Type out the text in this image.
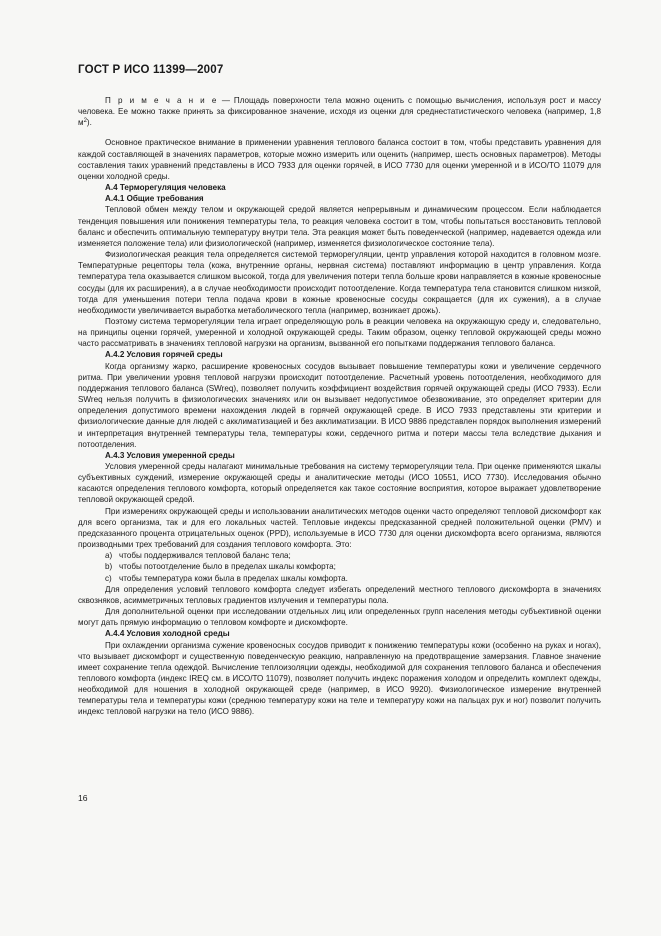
ГОСТ Р ИСО 11399—2007

П р и м е ч а н и е — Площадь поверхности тела можно оценить с помощью вычисления, используя рост и массу человека. Ее можно также принять за фиксированное значение, исходя из оценки для среднестатистического человека (например, 1,8 $м^2$).

Основное практическое внимание в применении уравнения теплового баланса состоит в том, чтобы представить уравнения для каждой составляющей в значениях параметров, которые можно измерить или оценить (например, шесть основных параметров). Методы составления таких уравнений представлены в ИСО 7933 для оценки горячей, в ИСО 7730 для оценки умеренной и в ИСО/ТО 11079 для оценки холодной среды.

А.4 Терморегуляция человека
А.4.1 Общие требования

Тепловой обмен между телом и окружающей средой является непрерывным и динамическим процессом. Если наблюдается тенденция повышения или понижения температуры тела, то реакция человека состоит в том, чтобы попытаться восстановить тепловой баланс и обеспечить оптимальную температуру внутри тела. Эта реакция может быть поведенческой (например, надевается одежда или изменяется положение тела) или физиологической (например, изменяется физиологическое состояние тела).

Физиологическая реакция тела определяется системой терморегуляции, центр управления которой находится в головном мозге. Температурные рецепторы тела (кожа, внутренние органы, нервная система) поставляют информацию в центр управления. Когда температура тела оказывается слишком высокой, тогда для увеличения потери тепла больше крови направляется в кожные кровеносные сосуды (для их расширения), а в случае необходимости происходит потоотделение. Когда температура тела становится слишком низкой, тогда для уменьшения потери тепла подача крови в кожные кровеносные сосуды сокращается (для их сужения), а в случае необходимости увеличивается выработка метаболического тепла (например, возникает дрожь).

Поэтому система терморегуляции тела играет определяющую роль в реакции человека на окружающую среду и, следовательно, на принципы оценки горячей, умеренной и холодной окружающей среды. Таким образом, оценку тепловой окружающей среды можно часто рассматривать в значениях тепловой нагрузки на организм, вызванной его попытками поддержания теплового баланса.

А.4.2 Условия горячей среды

Когда организму жарко, расширение кровеносных сосудов вызывает повышение температуры кожи и увеличение сердечного ритма. При увеличении уровня тепловой нагрузки происходит потоотделение. Расчетный уровень потоотделения, необходимого для поддержания теплового баланса (SWreq), позволяет получить коэффициент воздействия горячей окружающей среды (ИСО 7933). Если SWreq нельзя получить в физиологических значениях или он вызывает недопустимое обезвоживание, это определяет критерии для определения допустимого времени нахождения людей в горячей окружающей среде. В ИСО 7933 представлены эти критерии и физиологические данные для людей с акклиматизацией и без акклиматизации. В ИСО 9886 представлен порядок выполнения измерений и интерпретация внутренней температуры тела, температуры кожи, сердечного ритма и потери массы тела вследствие дыхания и потоотделения.

А.4.3 Условия умеренной среды

Условия умеренной среды налагают минимальные требования на систему терморегуляции тела. При оценке применяются шкалы субъективных суждений, измерение окружающей среды и аналитические методы (ИСО 10551, ИСО 7730). Исследования обычно касаются определения теплового комфорта, который определяется как такое состояние восприятия, которое выражает удовлетворение тепловой окружающей средой.

При измерениях окружающей среды и использовании аналитических методов оценки часто определяют тепловой дискомфорт как для всего организма, так и для его локальных частей. Тепловые индексы предсказанной средней положительной оценки (PMV) и предсказанного процента отрицательных оценок (PPD), используемые в ИСО 7730 для оценки дискомфорта всего организма, являются производными трех требований для создания теплового комфорта. Это:

а) чтобы поддерживался тепловой баланс тела;
b) чтобы потоотделение было в пределах шкалы комфорта;
с) чтобы температура кожи была в пределах шкалы комфорта.

Для определения условий теплового комфорта следует избегать определений местного теплового дискомфорта в значениях сквозняков, асимметричных тепловых градиентов излучения и температуры пола.

Для дополнительной оценки при исследовании отдельных лиц или определенных групп населения методы субъективной оценки могут дать прямую информацию о тепловом комфорте и дискомфорте.

А.4.4 Условия холодной среды

При охлаждении организма сужение кровеносных сосудов приводит к понижению температуры кожи (особенно на руках и ногах), что вызывает дискомфорт и существенную поведенческую реакцию, направленную на предотвращение замерзания. Главное значение имеет сохранение тепла одеждой. Вычисление теплоизоляции одежды, необходимой для сохранения теплового баланса и обеспечения теплового комфорта (индекс IREQ см. в ИСО/ТО 11079), позволяет получить индекс поражения холодом и определить комплект одежды, необходимой для ношения в холодной окружающей среде (например, в ИСО 9920). Физиологическое измерение внутренней температуры тела и температуры кожи (среднюю температуру кожи на теле и температуру кожи на пальцах рук и ног) позволит получить индекс тепловой нагрузки на тело (ИСО 9886).

16
